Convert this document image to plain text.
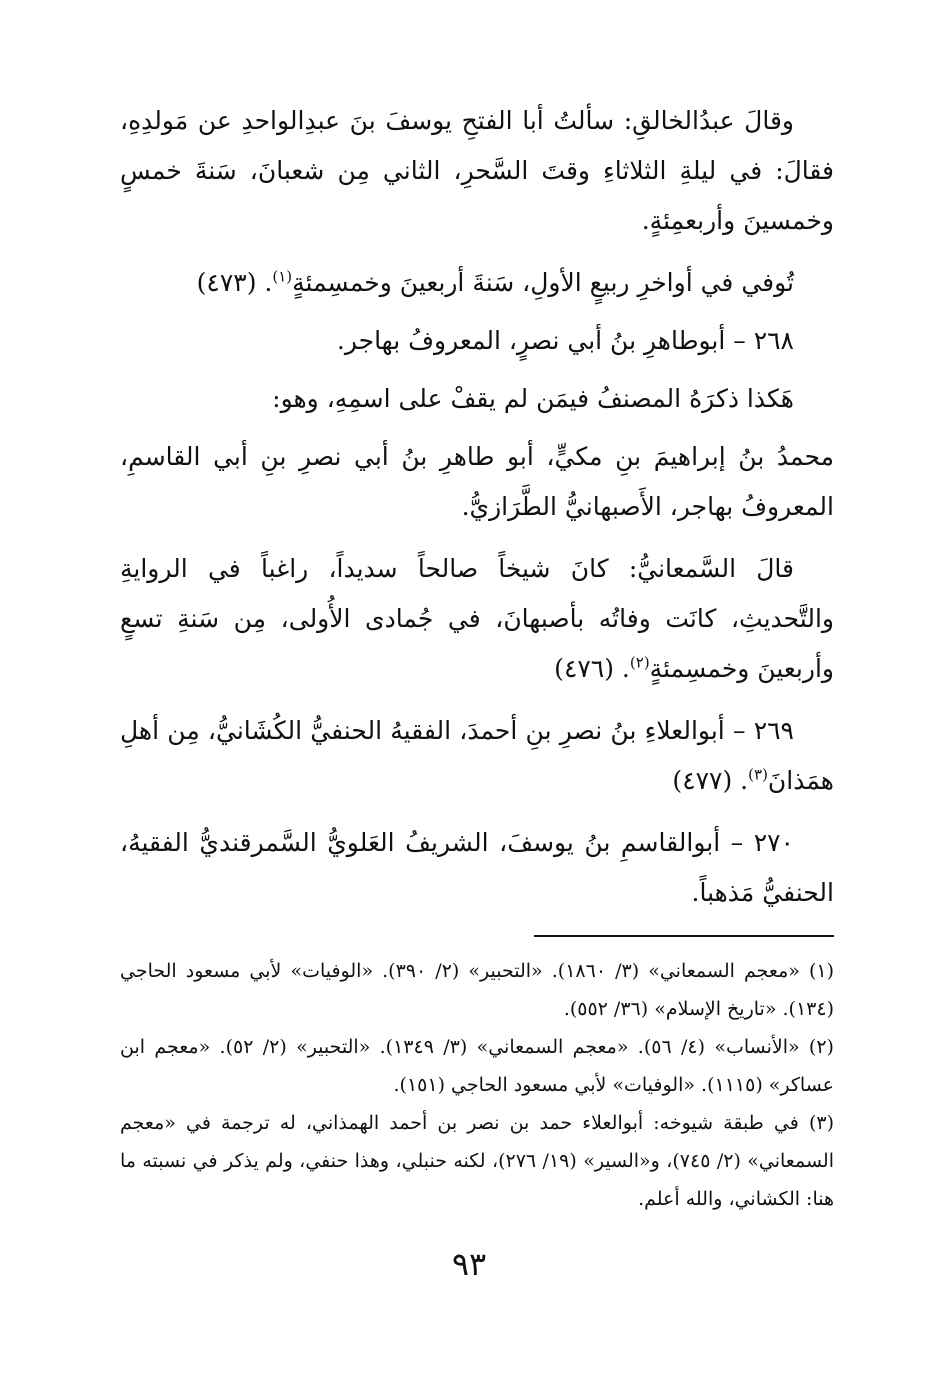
وقالَ عبدُالخالقِ: سألتُ أبا الفتحِ يوسفَ بنَ عبدِالواحدِ عن مَولدِهِ، فقالَ: في ليلةِ الثلاثاءِ وقتَ السَّحرِ، الثاني مِن شعبانَ، سَنةَ خمسٍ وخمسينَ وأربعمِئةٍ.

تُوفي في أواخرِ ربيعٍ الأولِ، سَنةَ أربعينَ وخمسِمئةٍ$^{(١)}$. (٤٧٣)

٢٦٨ – أبوطاهرِ بنُ أبي نصرٍ، المعروفُ بهاجر.

هَكذا ذكرَهُ المصنفُ فيمَن لم يقفْ على اسمِهِ، وهو:

محمدُ بنُ إبراهيمَ بنِ مكيٍّ، أبو طاهرِ بنُ أبي نصرِ بنِ أبي القاسمِ، المعروفُ بهاجر، الأَصبهانيُّ الطَّرَازيُّ.

قالَ السَّمعانيُّ: كانَ شيخاً صالحاً سديداً، راغباً في الروايةِ والتَّحديثِ، كانَت وفاتُه بأصبهانَ، في جُمادى الأُولى، مِن سَنةِ تسعٍ وأربعينَ وخمسِمئةٍ$^{(٢)}$. (٤٧٦)

٢٦٩ – أبوالعلاءِ بنُ نصرِ بنِ أحمدَ، الفقيهُ الحنفيُّ الكُشَانيُّ، مِن أهلِ همَذانَ$^{(٣)}$. (٤٧٧)

٢٧٠ – أبوالقاسمِ بنُ يوسفَ، الشريفُ العَلويُّ السَّمرقنديُّ الفقيهُ، الحنفيُّ مَذهباً.

(١) «معجم السمعاني» (٣/ ١٨٦٠). «التحبير» (٢/ ٣٩٠). «الوفيات» لأبي مسعود الحاجي (١٣٤). «تاريخ الإسلام» (٣٦/ ٥٥٢).

(٢) «الأنساب» (٤/ ٥٦). «معجم السمعاني» (٣/ ١٣٤٩). «التحبير» (٢/ ٥٢). «معجم ابن عساكر» (١١١٥). «الوفيات» لأبي مسعود الحاجي (١٥١).

(٣) في طبقة شيوخه: أبوالعلاء حمد بن نصر بن أحمد الهمذاني، له ترجمة في «معجم السمعاني» (٢/ ٧٤٥)، و«السير» (١٩/ ٢٧٦)، لكنه حنبلي، وهذا حنفي، ولم يذكر في نسبته ما هنا: الكشاني، والله أعلم.

٩٣
